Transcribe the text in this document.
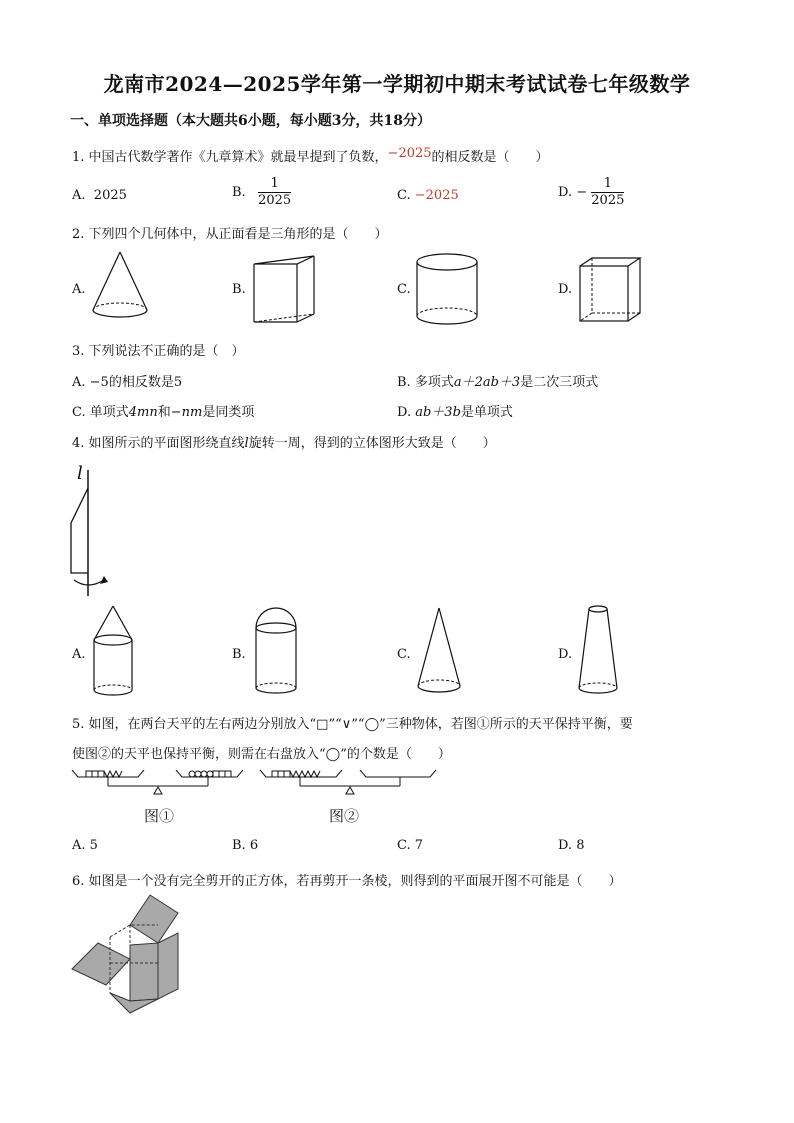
龙南市2024—2025学年第一学期初中期末考试试卷七年级数学
一、单项选择题（本大题共6小题，每小题3分，共18分）
1. 中国古代数学著作《九章算术》就最早提到了负数，−2025的相反数是（　　）
A. 2025	B. $\frac{1}{2025}$	C. −2025	D. − $\frac{1}{2025}$
2. 下列四个几何体中，从正面看是三角形的是（　　）
A.	B.	C.	D.
3. 下列说法不正确的是（　）
A. −5的相反数是5	B. 多项式a＋2ab＋3是二次三项式
C. 单项式4mn和−nm是同类项	D. ab＋3b是单项式
4. 如图所示的平面图形绕直线l旋转一周，得到的立体图形大致是（　　）
l
A.	B.	C.	D.
5. 如图，在两台天平的左右两边分别放入“□”“∨”“◯”三种物体，若图①所示的天平保持平衡，要
使图②的天平也保持平衡，则需在右盘放入“◯”的个数是（　　）
图①	图②
A. 5	B. 6	C. 7	D. 8
6. 如图是一个没有完全剪开的正方体，若再剪开一条棱，则得到的平面展开图不可能是（　　）
